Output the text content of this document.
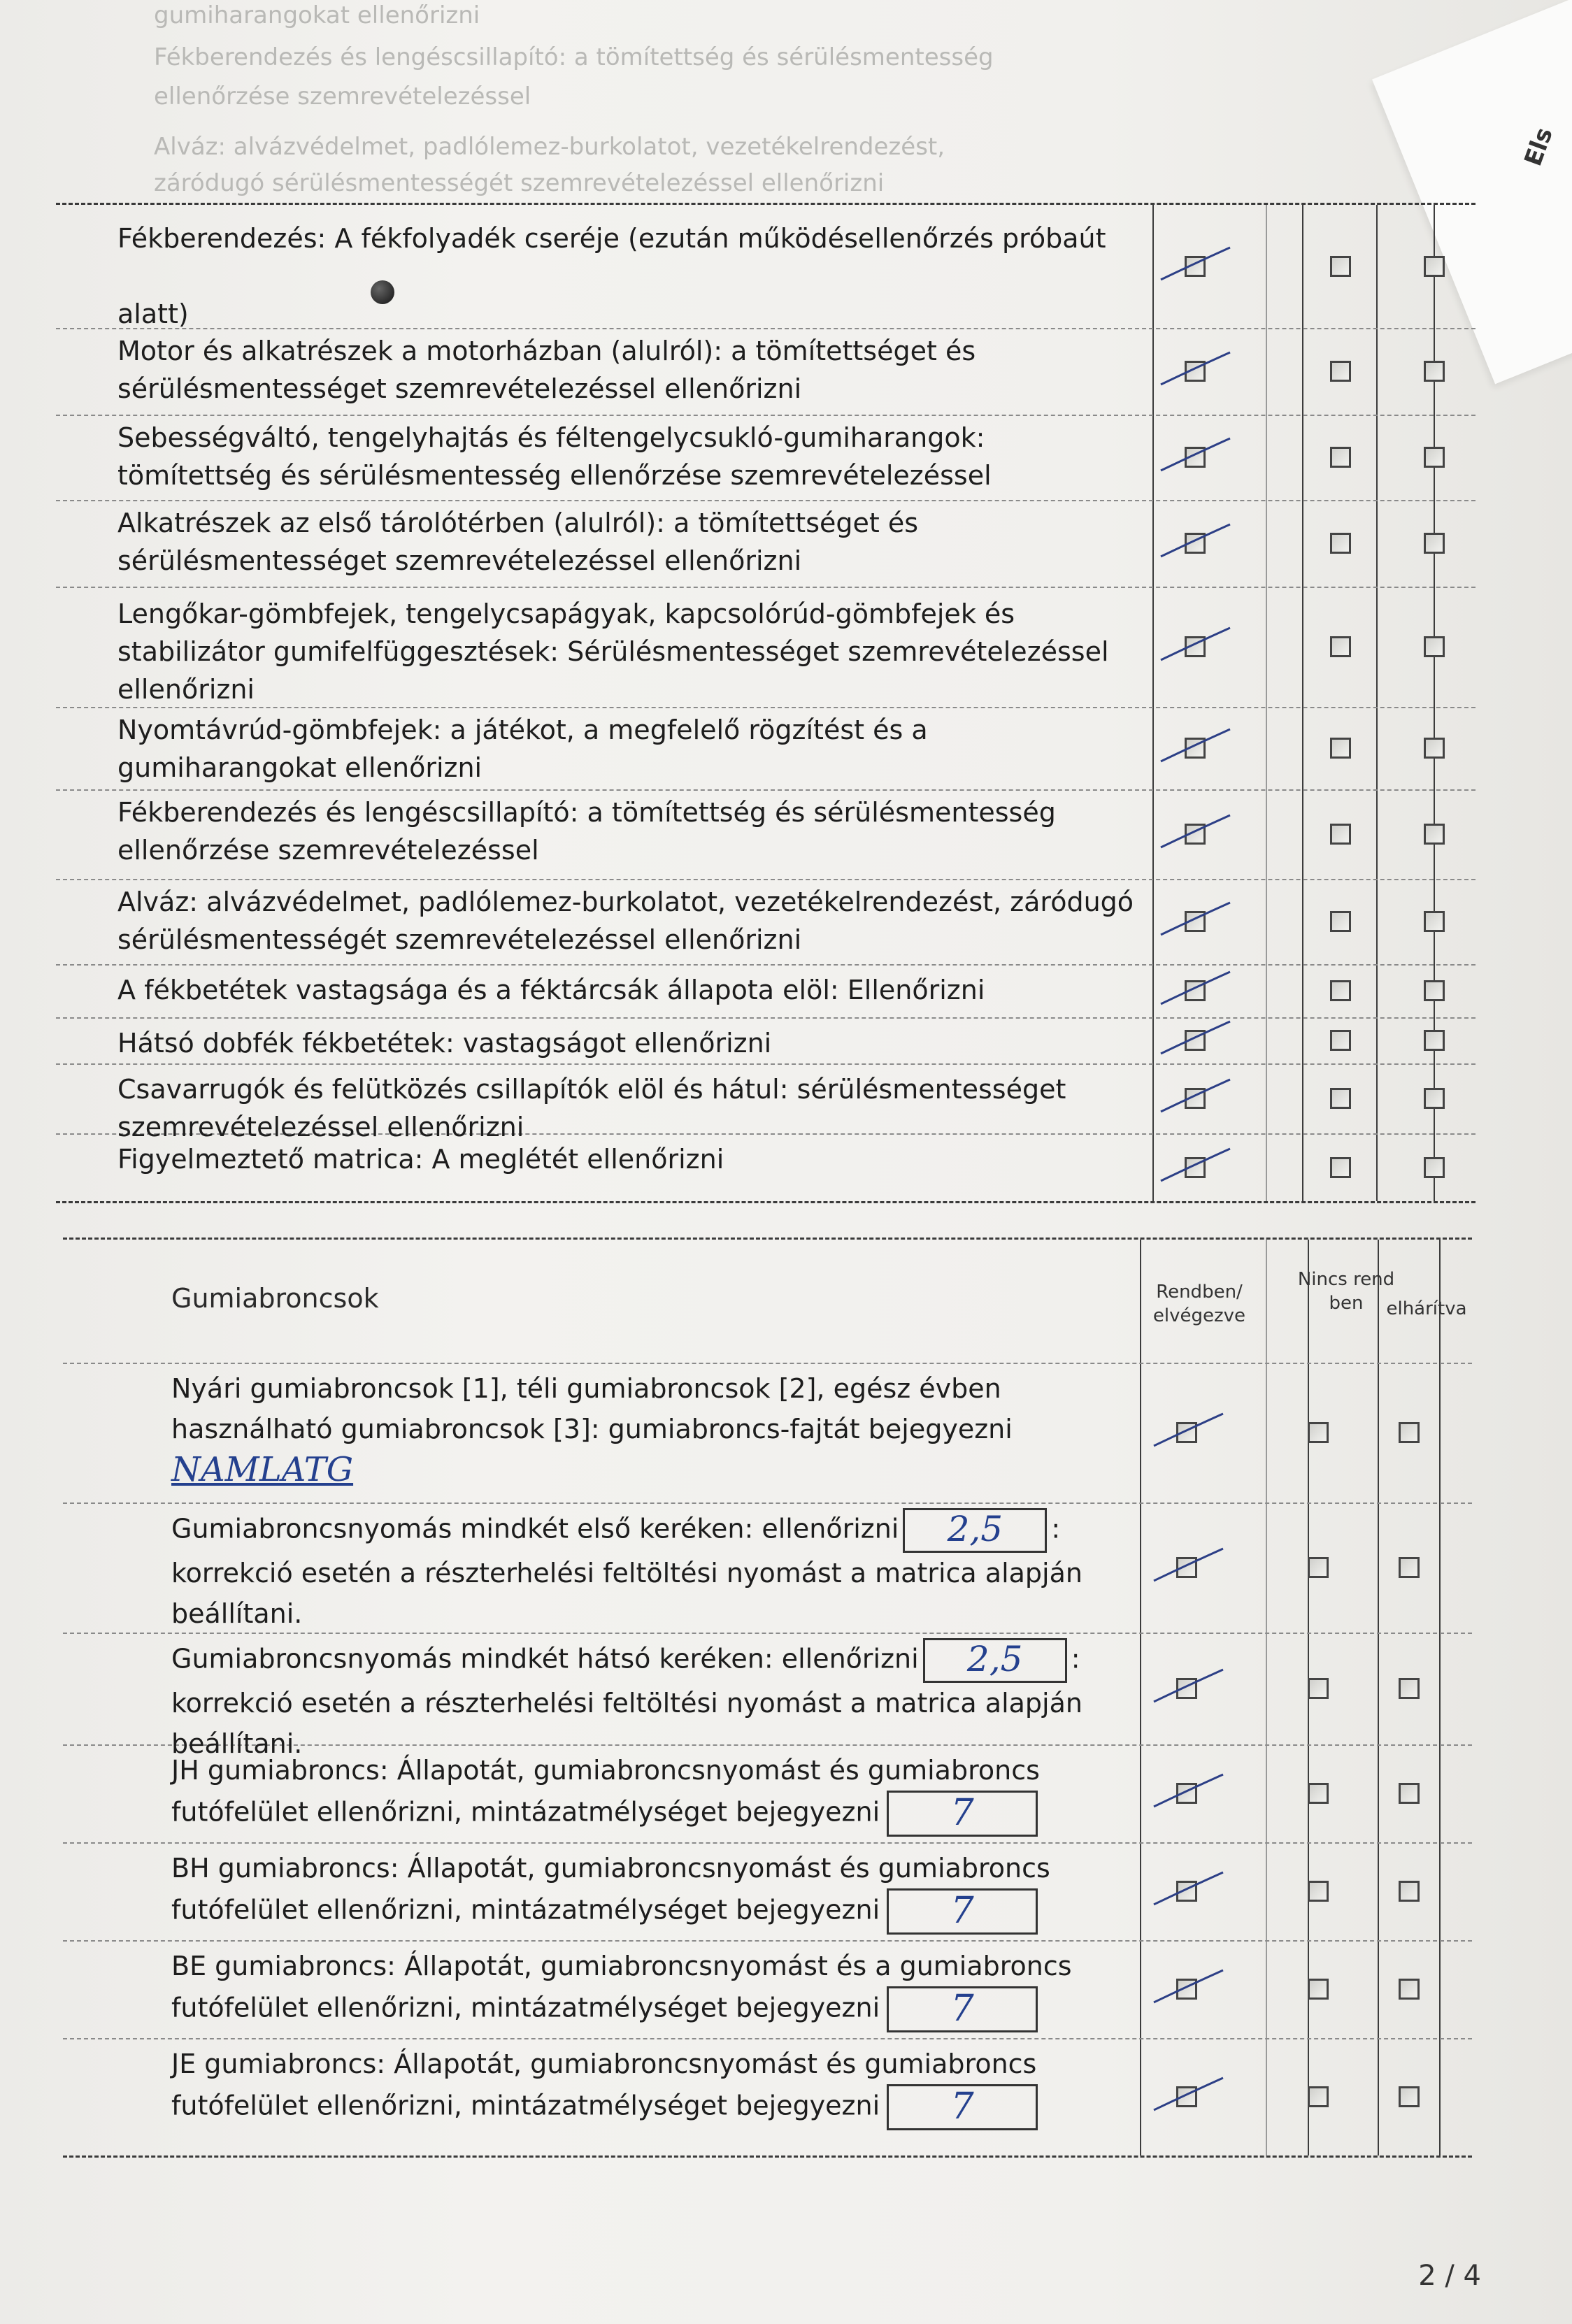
gumiharangokat ellenőrizni
Fékberendezés és lengéscsillapító: a tömítettség és sérülésmentesség
ellenőrzése szemrevételezéssel
Alváz: alvázvédelmet, padlólemez-burkolatot, vezetékelrendezést,
záródugó sérülésmentességét szemrevételezéssel ellenőrizni
Els
Fékberendezés: A fékfolyadék cseréje (ezután működésellenőrzés próbaút alatt)
Motor és alkatrészek a motorházban (alulról): a tömítettséget és sérülésmentességet szemrevételezéssel ellenőrizni
Sebességváltó, tengelyhajtás és féltengelycsukló-gumiharangok: tömítettség és sérülésmentesség ellenőrzése szemrevételezéssel
Alkatrészek az első tárolótérben (alulról): a tömítettséget és sérülésmentességet szemrevételezéssel ellenőrizni
Lengőkar-gömbfejek, tengelycsapágyak, kapcsolórúd-gömbfejek és stabilizátor gumifelfüggesztések: Sérülésmentességet szemrevételezéssel ellenőrizni
Nyomtávrúd-gömbfejek: a játékot, a megfelelő rögzítést és a gumiharangokat ellenőrizni
Fékberendezés és lengéscsillapító: a tömítettség és sérülésmentesség ellenőrzése szemrevételezéssel
Alváz: alvázvédelmet, padlólemez-burkolatot, vezetékelrendezést, záródugó sérülésmentességét szemrevételezéssel ellenőrizni
A fékbetétek vastagsága és a féktárcsák állapota elöl: Ellenőrizni
Hátsó dobfék fékbetétek: vastagságot ellenőrizni
Csavarrugók és felütközés csillapítók elöl és hátul: sérülésmentességet szemrevételezéssel ellenőrizni
Figyelmeztető matrica: A meglétét ellenőrizni
Gumiabroncsok	Rendben/ elvégezve
Nincs rend ben	elhárítva
Nyári gumiabroncsok [1], téli gumiabroncsok [2], egész évben használható gumiabroncsok [3]: gumiabroncs-fajtát bejegyezni
NAMLATG
Gumiabroncsnyomás mindkét első keréken: ellenőrizni 2,5 : korrekció esetén a részterhelési feltöltési nyomást a matrica alapján beállítani.
Gumiabroncsnyomás mindkét hátsó keréken: ellenőrizni 2,5 : korrekció esetén a részterhelési feltöltési nyomást a matrica alapján beállítani.
JH gumiabroncs: Állapotát, gumiabroncsnyomást és gumiabroncs futófelület ellenőrizni, mintázatmélységet bejegyezni 7
BH gumiabroncs: Állapotát, gumiabroncsnyomást és gumiabroncs futófelület ellenőrizni, mintázatmélységet bejegyezni 7
BE gumiabroncs: Állapotát, gumiabroncsnyomást és a gumiabroncs futófelület ellenőrizni, mintázatmélységet bejegyezni 7
JE gumiabroncs: Állapotát, gumiabroncsnyomást és gumiabroncs futófelület ellenőrizni, mintázatmélységet bejegyezni 7
2 / 4
